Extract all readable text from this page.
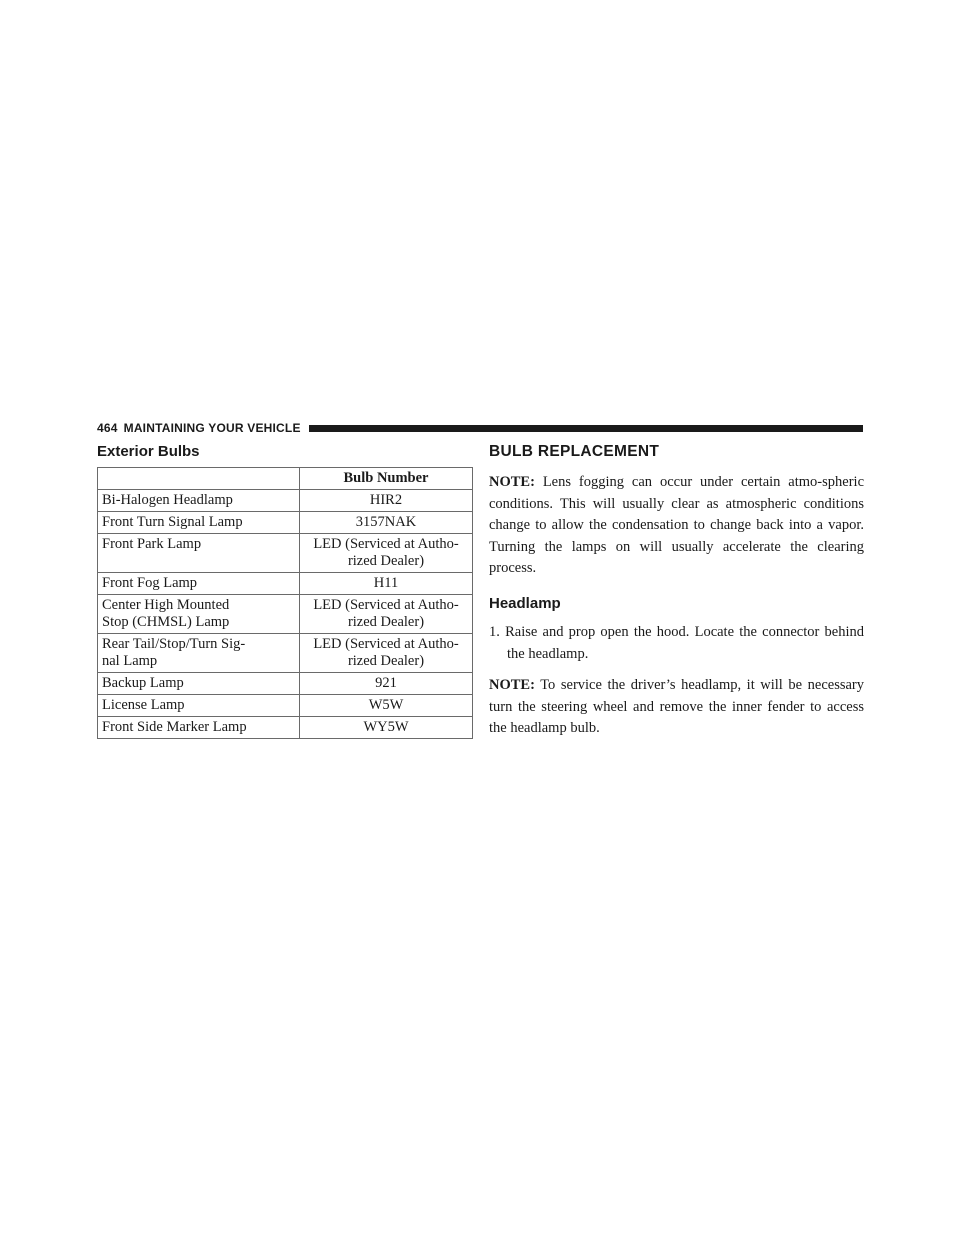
464 MAINTAINING YOUR VEHICLE
Exterior Bulbs
	Bulb Number
Bi-Halogen Headlamp	HIR2
Front Turn Signal Lamp	3157NAK
Front Park Lamp	LED (Serviced at Autho-
rized Dealer)
Front Fog Lamp	H11
Center High Mounted
Stop (CHMSL) Lamp	LED (Serviced at Autho-
rized Dealer)
Rear Tail/Stop/Turn Sig-
nal Lamp	LED (Serviced at Autho-
rized Dealer)
Backup Lamp	921
License Lamp	W5W
Front Side Marker Lamp	WY5W
BULB REPLACEMENT

NOTE: Lens fogging can occur under certain atmo-spheric conditions. This will usually clear as atmospheric conditions change to allow the condensation to change back into a vapor. Turning the lamps on will usually accelerate the clearing process.

Headlamp

1. Raise and prop open the hood. Locate the connector behind the headlamp.

NOTE: To service the driver’s headlamp, it will be necessary turn the steering wheel and remove the inner fender to access the headlamp bulb.
